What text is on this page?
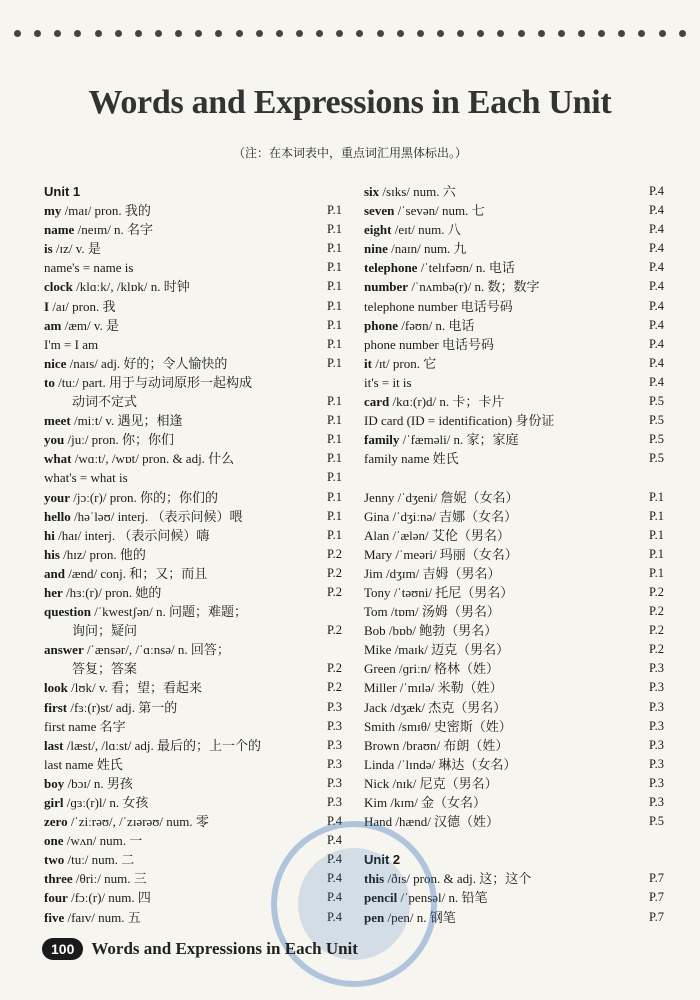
Words and Expressions in Each Unit
（注：在本词表中，重点词汇用黑体标出。）
Unit 1
my /maɪ/ pron. 我的	P.1
name /neɪm/ n. 名字	P.1
is /ɪz/ v. 是	P.1
name's = name is	P.1
clock /klɑːk/, /klɒk/ n. 时钟	P.1
I /aɪ/ pron. 我	P.1
am /æm/ v. 是	P.1
I'm = I am	P.1
nice /naɪs/ adj. 好的；令人愉快的	P.1
to /tuː/ part. 用于与动词原形一起构成
动词不定式	P.1
meet /miːt/ v. 遇见；相逢	P.1
you /juː/ pron. 你；你们	P.1
what /wɑːt/, /wɒt/ pron. & adj. 什么	P.1
what's = what is	P.1
your /jɔː(r)/ pron. 你的；你们的	P.1
hello /həˈləʊ/ interj. （表示问候）喂	P.1
hi /haɪ/ interj. （表示问候）嗨	P.1
his /hɪz/ pron. 他的	P.2
and /ænd/ conj. 和；又；而且	P.2
her /hɜː(r)/ pron. 她的	P.2
question /ˈkwestʃən/ n. 问题；难题；
询问；疑问	P.2
answer /ˈænsər/, /ˈɑːnsə/ n. 回答；
答复；答案	P.2
look /lʊk/ v. 看；望；看起来	P.2
first /fɜː(r)st/ adj. 第一的	P.3
first name 名字	P.3
last /læst/, /lɑːst/ adj. 最后的；上一个的	P.3
last name 姓氏	P.3
boy /bɔɪ/ n. 男孩	P.3
girl /ɡɜː(r)l/ n. 女孩	P.3
zero /ˈziːrəʊ/, /ˈzɪərəʊ/ num. 零	P.4
one /wʌn/ num. 一	P.4
two /tuː/ num. 二	P.4
three /θriː/ num. 三	P.4
four /fɔː(r)/ num. 四	P.4
five /faɪv/ num. 五	P.4
six /sɪks/ num. 六	P.4
seven /ˈsevən/ num. 七	P.4
eight /eɪt/ num. 八	P.4
nine /naɪn/ num. 九	P.4
telephone /ˈtelɪfəʊn/ n. 电话	P.4
number /ˈnʌmbə(r)/ n. 数；数字	P.4
telephone number 电话号码	P.4
phone /fəʊn/ n. 电话	P.4
phone number 电话号码	P.4
it /ɪt/ pron. 它	P.4
it's = it is	P.4
card /kɑː(r)d/ n. 卡；卡片	P.5
ID card (ID = identification) 身份证	P.5
family /ˈfæməli/ n. 家；家庭	P.5
family name 姓氏	P.5
Jenny /ˈdʒeni/ 詹妮（女名）	P.1
Gina /ˈdʒiːnə/ 吉娜（女名）	P.1
Alan /ˈælən/ 艾伦（男名）	P.1
Mary /ˈmeəri/ 玛丽（女名）	P.1
Jim /dʒɪm/ 吉姆（男名）	P.1
Tony /ˈtəʊni/ 托尼（男名）	P.2
Tom /tɒm/ 汤姆（男名）	P.2
Bob /bɒb/ 鲍勃（男名）	P.2
Mike /maɪk/ 迈克（男名）	P.2
Green /ɡriːn/ 格林（姓）	P.3
Miller /ˈmɪlə/ 米勒（姓）	P.3
Jack /dʒæk/ 杰克（男名）	P.3
Smith /smɪθ/ 史密斯（姓）	P.3
Brown /braʊn/ 布朗（姓）	P.3
Linda /ˈlɪndə/ 琳达（女名）	P.3
Nick /nɪk/ 尼克（男名）	P.3
Kim /kɪm/ 金（女名）	P.3
Hand /hænd/ 汉德（姓）	P.5
Unit 2
this /ðɪs/ pron. & adj. 这；这个	P.7
pencil /ˈpensəl/ n. 铅笔	P.7
pen /pen/ n. 钢笔	P.7
100	Words and Expressions in Each Unit
